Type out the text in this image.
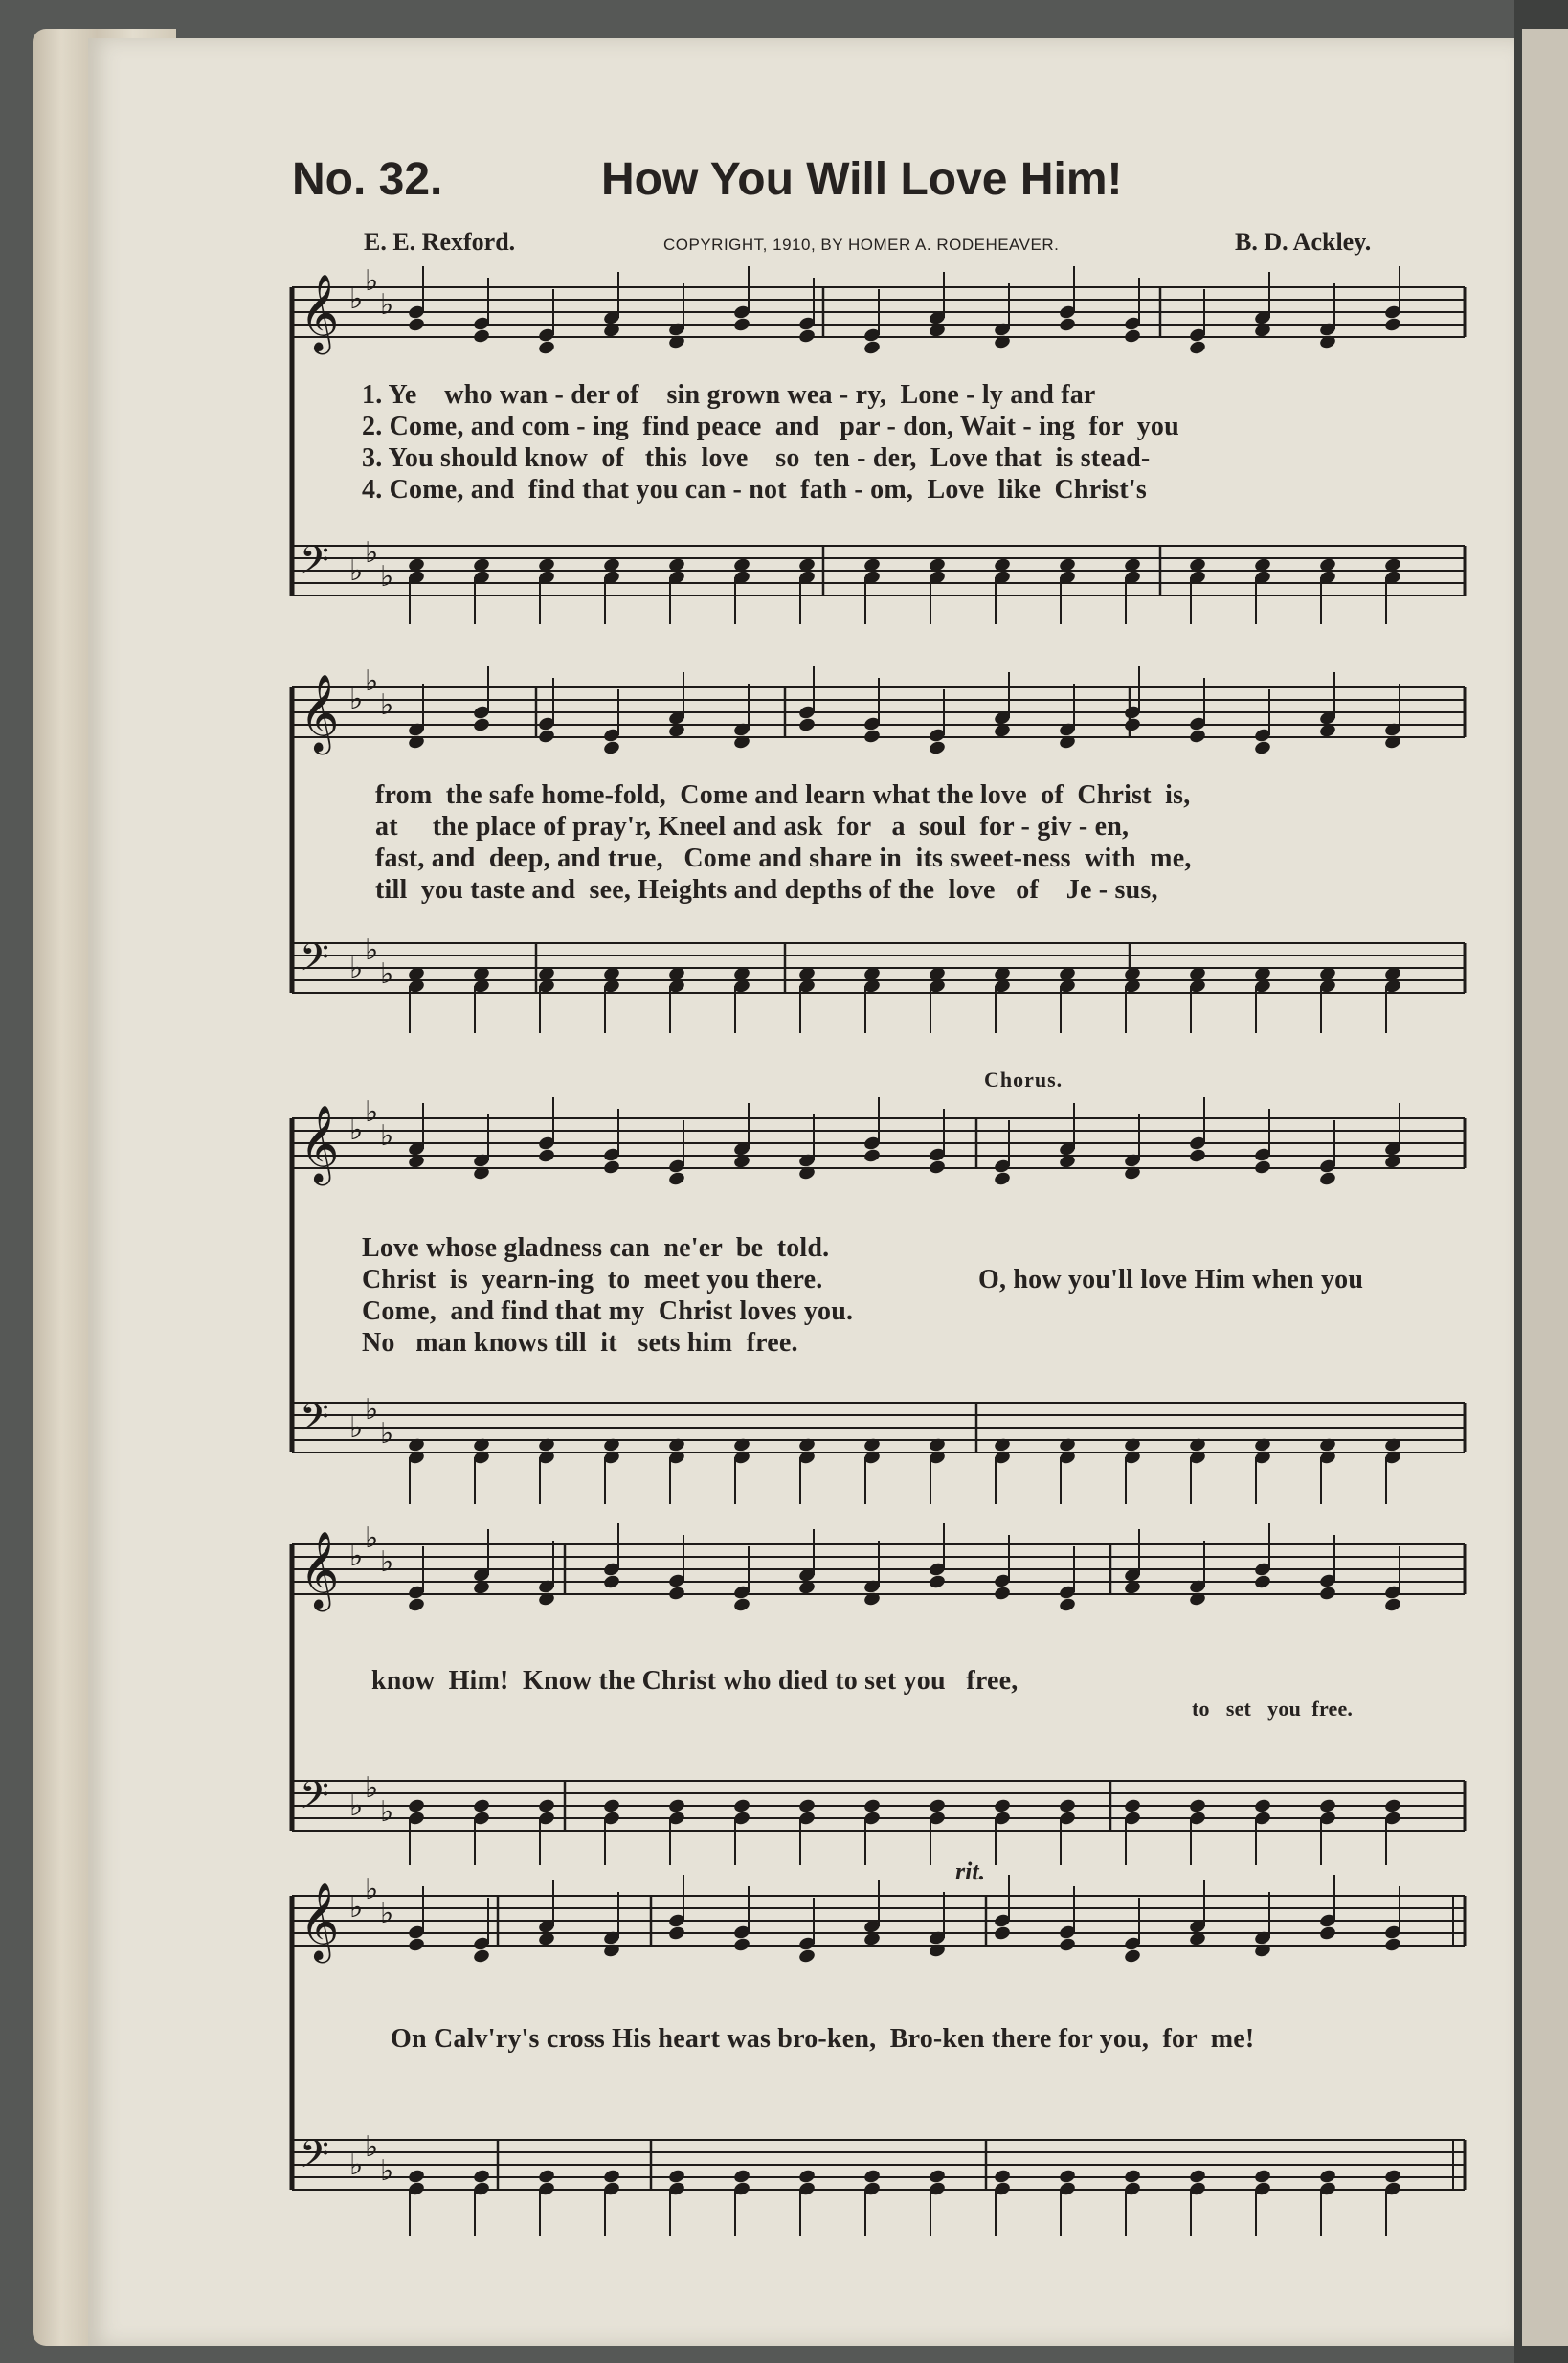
No. 32.	How You Will Love Him!
E. E. Rexford.	COPYRIGHT, 1910, BY HOMER A. RODEHEAVER.	B. D. Ackley.
𝄞 ♭
♭
♭
𝄢 ♭
♭
♭
𝄞 ♭
♭
♭
𝄢 ♭
♭
♭
𝄞 ♭
♭
♭
𝄢 ♭
♭
♭
𝄞 ♭
♭
♭
𝄢 ♭
♭
♭
𝄞 ♭
♭
♭
𝄢 ♭
♭
♭
1. Ye    who wan - der of    sin grown wea - ry,  Lone - ly and far
2. Come, and com - ing  find peace  and   par - don, Wait - ing  for  you
3. You should know  of   this  love    so  ten - der,  Love that  is stead-
4. Come, and  find that you can - not  fath - om,  Love  like  Christ's
from  the safe home-fold,  Come and learn what the love  of  Christ  is,
at     the place of pray'r, Kneel and ask  for   a  soul  for - giv - en,
fast, and  deep, and true,   Come and share in  its sweet-ness  with  me,
till  you taste and  see, Heights and depths of the  love   of    Je - sus,
Chorus.
Love whose gladness can  ne'er  be  told.
Christ  is  yearn-ing  to  meet you there.
Come,  and find that my  Christ loves you.
No   man knows till  it   sets him  free.
O, how you'll love Him when you
know  Him!  Know the Christ who died to set you   free,
to   set   you  free.
rit.
On Calv'ry's cross His heart was bro-ken,  Bro-ken there for you,  for  me!
